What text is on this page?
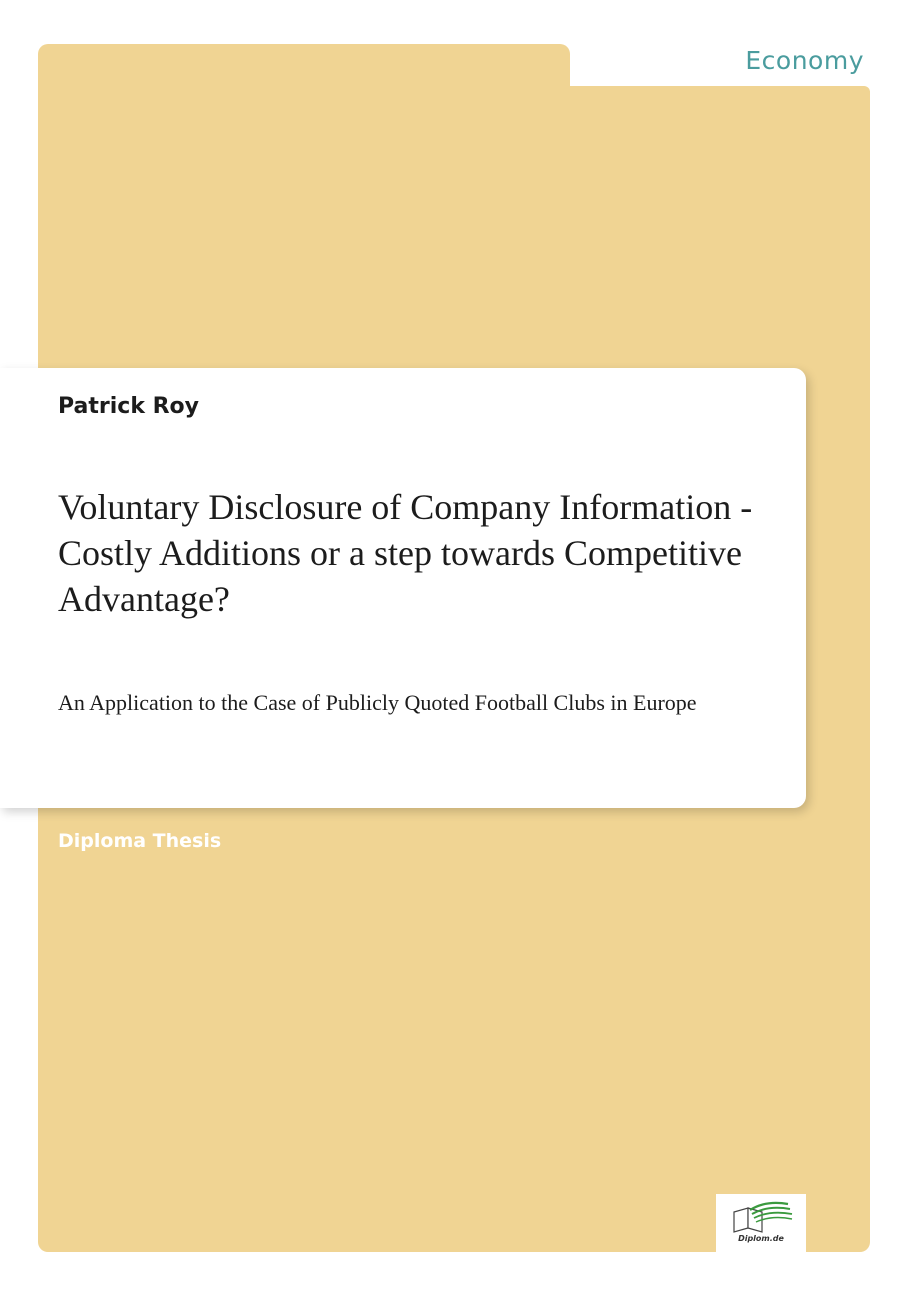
Economy
Patrick Roy
Voluntary Disclosure of Company Information - Costly Additions or a step towards Competitive Advantage?
An Application to the Case of Publicly Quoted Football Clubs in Europe
Diploma Thesis
Diplom.de
